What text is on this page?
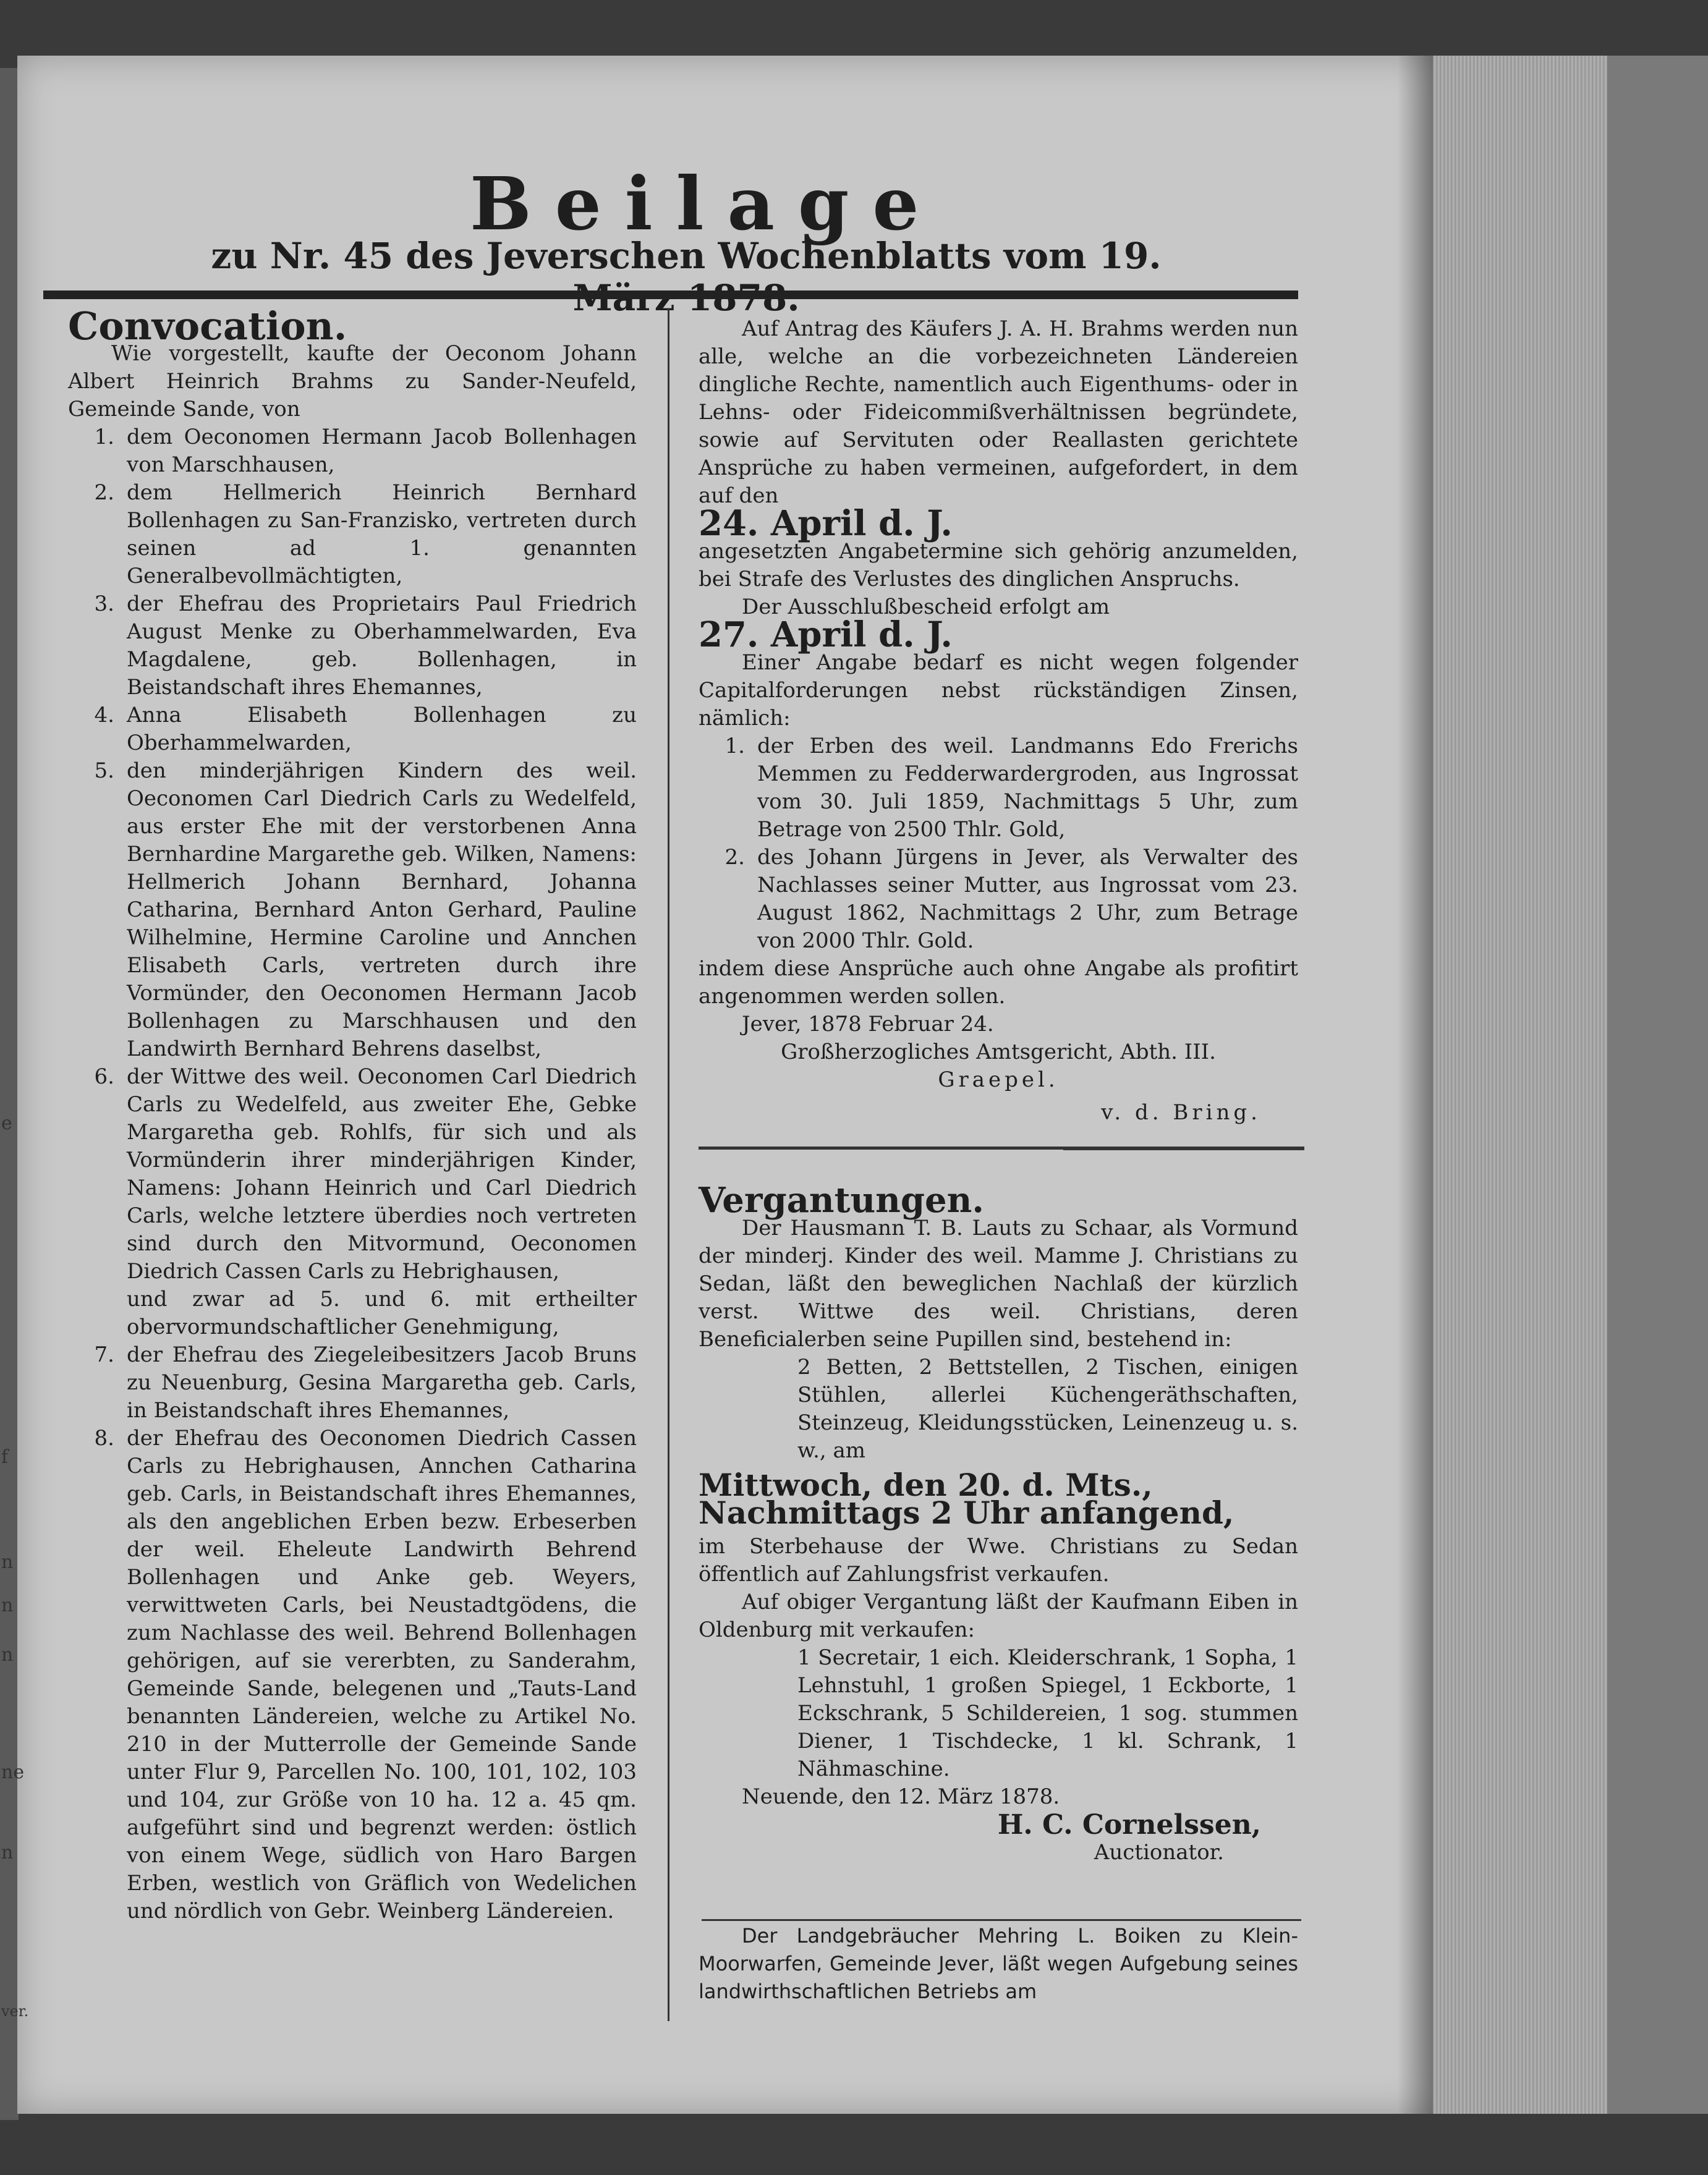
e
f
n
n
n
ne
n
ver.
Beilage
zu Nr. 45 des Jeverschen Wochenblatts vom 19.

Convocation.

Wie vorgestellt, kaufte der Oeconom Johann Albert Heinrich Brahms zu Sander-Neufeld, Gemeinde Sande, von

1. dem Oeconomen Hermann Jacob Bollenhagen von Marschhausen,
2. dem Hellmerich Heinrich Bernhard Bollenhagen zu San-Franzisko, vertreten durch seinen ad 1. genannten Generalbevollmächtigten,
3. der Ehefrau des Proprietairs Paul Friedrich August Menke zu Oberhammelwarden, Eva Magdalene, geb. Bollenhagen, in Beistandschaft ihres Ehemannes,
4. Anna Elisabeth Bollenhagen zu Oberhammelwarden,
5. den minderjährigen Kindern des weil. Oeconomen Carl Diedrich Carls zu Wedelfeld, aus erster Ehe mit der verstorbenen Anna Bernhardine Margarethe geb. Wilken, Namens: Hellmerich Johann Bernhard, Johanna Catharina, Bernhard Anton Gerhard, Pauline Wilhelmine, Hermine Caroline und Annchen Elisabeth Carls, vertreten durch ihre Vormünder, den Oeconomen Hermann Jacob Bollenhagen zu Marschhausen und den Landwirth Bernhard Behrens daselbst,
6. der Wittwe des weil. Oeconomen Carl Diedrich Carls zu Wedelfeld, aus zweiter Ehe, Gebke Margaretha geb. Rohlfs, für sich und als Vormünderin ihrer minderjährigen Kinder, Namens: Johann Heinrich und Carl Diedrich Carls, welche letztere überdies noch vertreten sind durch den Mitvormund, Oeconomen Diedrich Cassen Carls zu Hebrighausen,
und zwar ad 5. und 6. mit ertheilter obervormundschaftlicher Genehmigung,
7. der Ehefrau des Ziegeleibesitzers Jacob Bruns zu Neuenburg, Gesina Margaretha geb. Carls, in Beistandschaft ihres Ehemannes,
8. der Ehefrau des Oeconomen Diedrich Cassen Carls zu Hebrighausen, Annchen Catharina geb. Carls, in Beistandschaft ihres Ehemannes, als den angeblichen Erben bezw. Erbeserben der weil. Eheleute Landwirth Behrend Bollenhagen und Anke geb. Weyers, verwittweten Carls, bei Neustadtgödens, die zum Nachlasse des weil. Behrend Bollenhagen gehörigen, auf sie vererbten, zu Sanderahm, Gemeinde Sande, belegenen und „Tauts-Land benannten Ländereien, welche zu Artikel No. 210 in der Mutterrolle der Gemeinde Sande unter Flur 9, Parcellen No. 100, 101, 102, 103 und 104, zur Größe von 10 ha. 12 a. 45 qm. aufgeführt sind und begrenzt werden: östlich von einem Wege, südlich von Haro Bargen Erben, westlich von Gräflich von Wedelichen und nördlich von Gebr. Weinberg Ländereien.

Auf Antrag des Käufers J. A. H. Brahms werden nun alle, welche an die vorbezeichneten Ländereien dingliche Rechte, namentlich auch Eigenthums- oder in Lehns- oder Fideicommißverhältnissen begründete, sowie auf Servituten oder Reallasten gerichtete Ansprüche zu haben vermeinen, aufgefordert, in dem auf den

24. April d. J.

angesetzten Angabetermine sich gehörig anzumelden, bei Strafe des Verlustes des dinglichen Anspruchs.

Der Ausschlußbescheid erfolgt am

27. April d. J.

Einer Angabe bedarf es nicht wegen folgender Capitalforderungen nebst rückständigen Zinsen, nämlich:

1. der Erben des weil. Landmanns Edo Frerichs Memmen zu Fedderwardergroden, aus Ingrossat vom 30. Juli 1859, Nachmittags 5 Uhr, zum Betrage von 2500 Thlr. Gold,
2. des Johann Jürgens in Jever, als Verwalter des Nachlasses seiner Mutter, aus Ingrossat vom 23. August 1862, Nachmittags 2 Uhr, zum Betrage von 2000 Thlr. Gold.

indem diese Ansprüche auch ohne Angabe als profitirt angenommen werden sollen.

Jever, 1878 Februar 24.

Großherzogliches Amtsgericht, Abth. III.

Graepel.

v. d. Bring.

Vergantungen.

Der Hausmann T. B. Lauts zu Schaar, als Vormund der minderj. Kinder des weil. Mamme J. Christians zu Sedan, läßt den beweglichen Nachlaß der kürzlich verst. Wittwe des weil. Christians, deren Beneficialerben seine Pupillen sind, bestehend in:

2 Betten, 2 Bettstellen, 2 Tischen, einigen Stühlen, allerlei Küchengeräthschaften, Steinzeug, Kleidungsstücken, Leinenzeug u. s. w., am

Mittwoch, den 20. d. Mts.,

Nachmittags 2 Uhr anfangend,

im Sterbehause der Wwe. Christians zu Sedan öffentlich auf Zahlungsfrist verkaufen.

Auf obiger Vergantung läßt der Kaufmann Eiben in Oldenburg mit verkaufen:

1 Secretair, 1 eich. Kleiderschrank, 1 Sopha, 1 Lehnstuhl, 1 großen Spiegel, 1 Eckborte, 1 Eckschrank, 5 Schildereien, 1 sog. stummen Diener, 1 Tischdecke, 1 kl. Schrank, 1 Nähmaschine.

Neuende, den 12. März 1878.

H. C. Cornelssen,

Auctionator.

Der Landgebräucher Mehring L. Boiken zu Klein-Moorwarfen, Gemeinde Jever, läßt wegen Aufgebung seines landwirthschaftlichen Betriebs am
